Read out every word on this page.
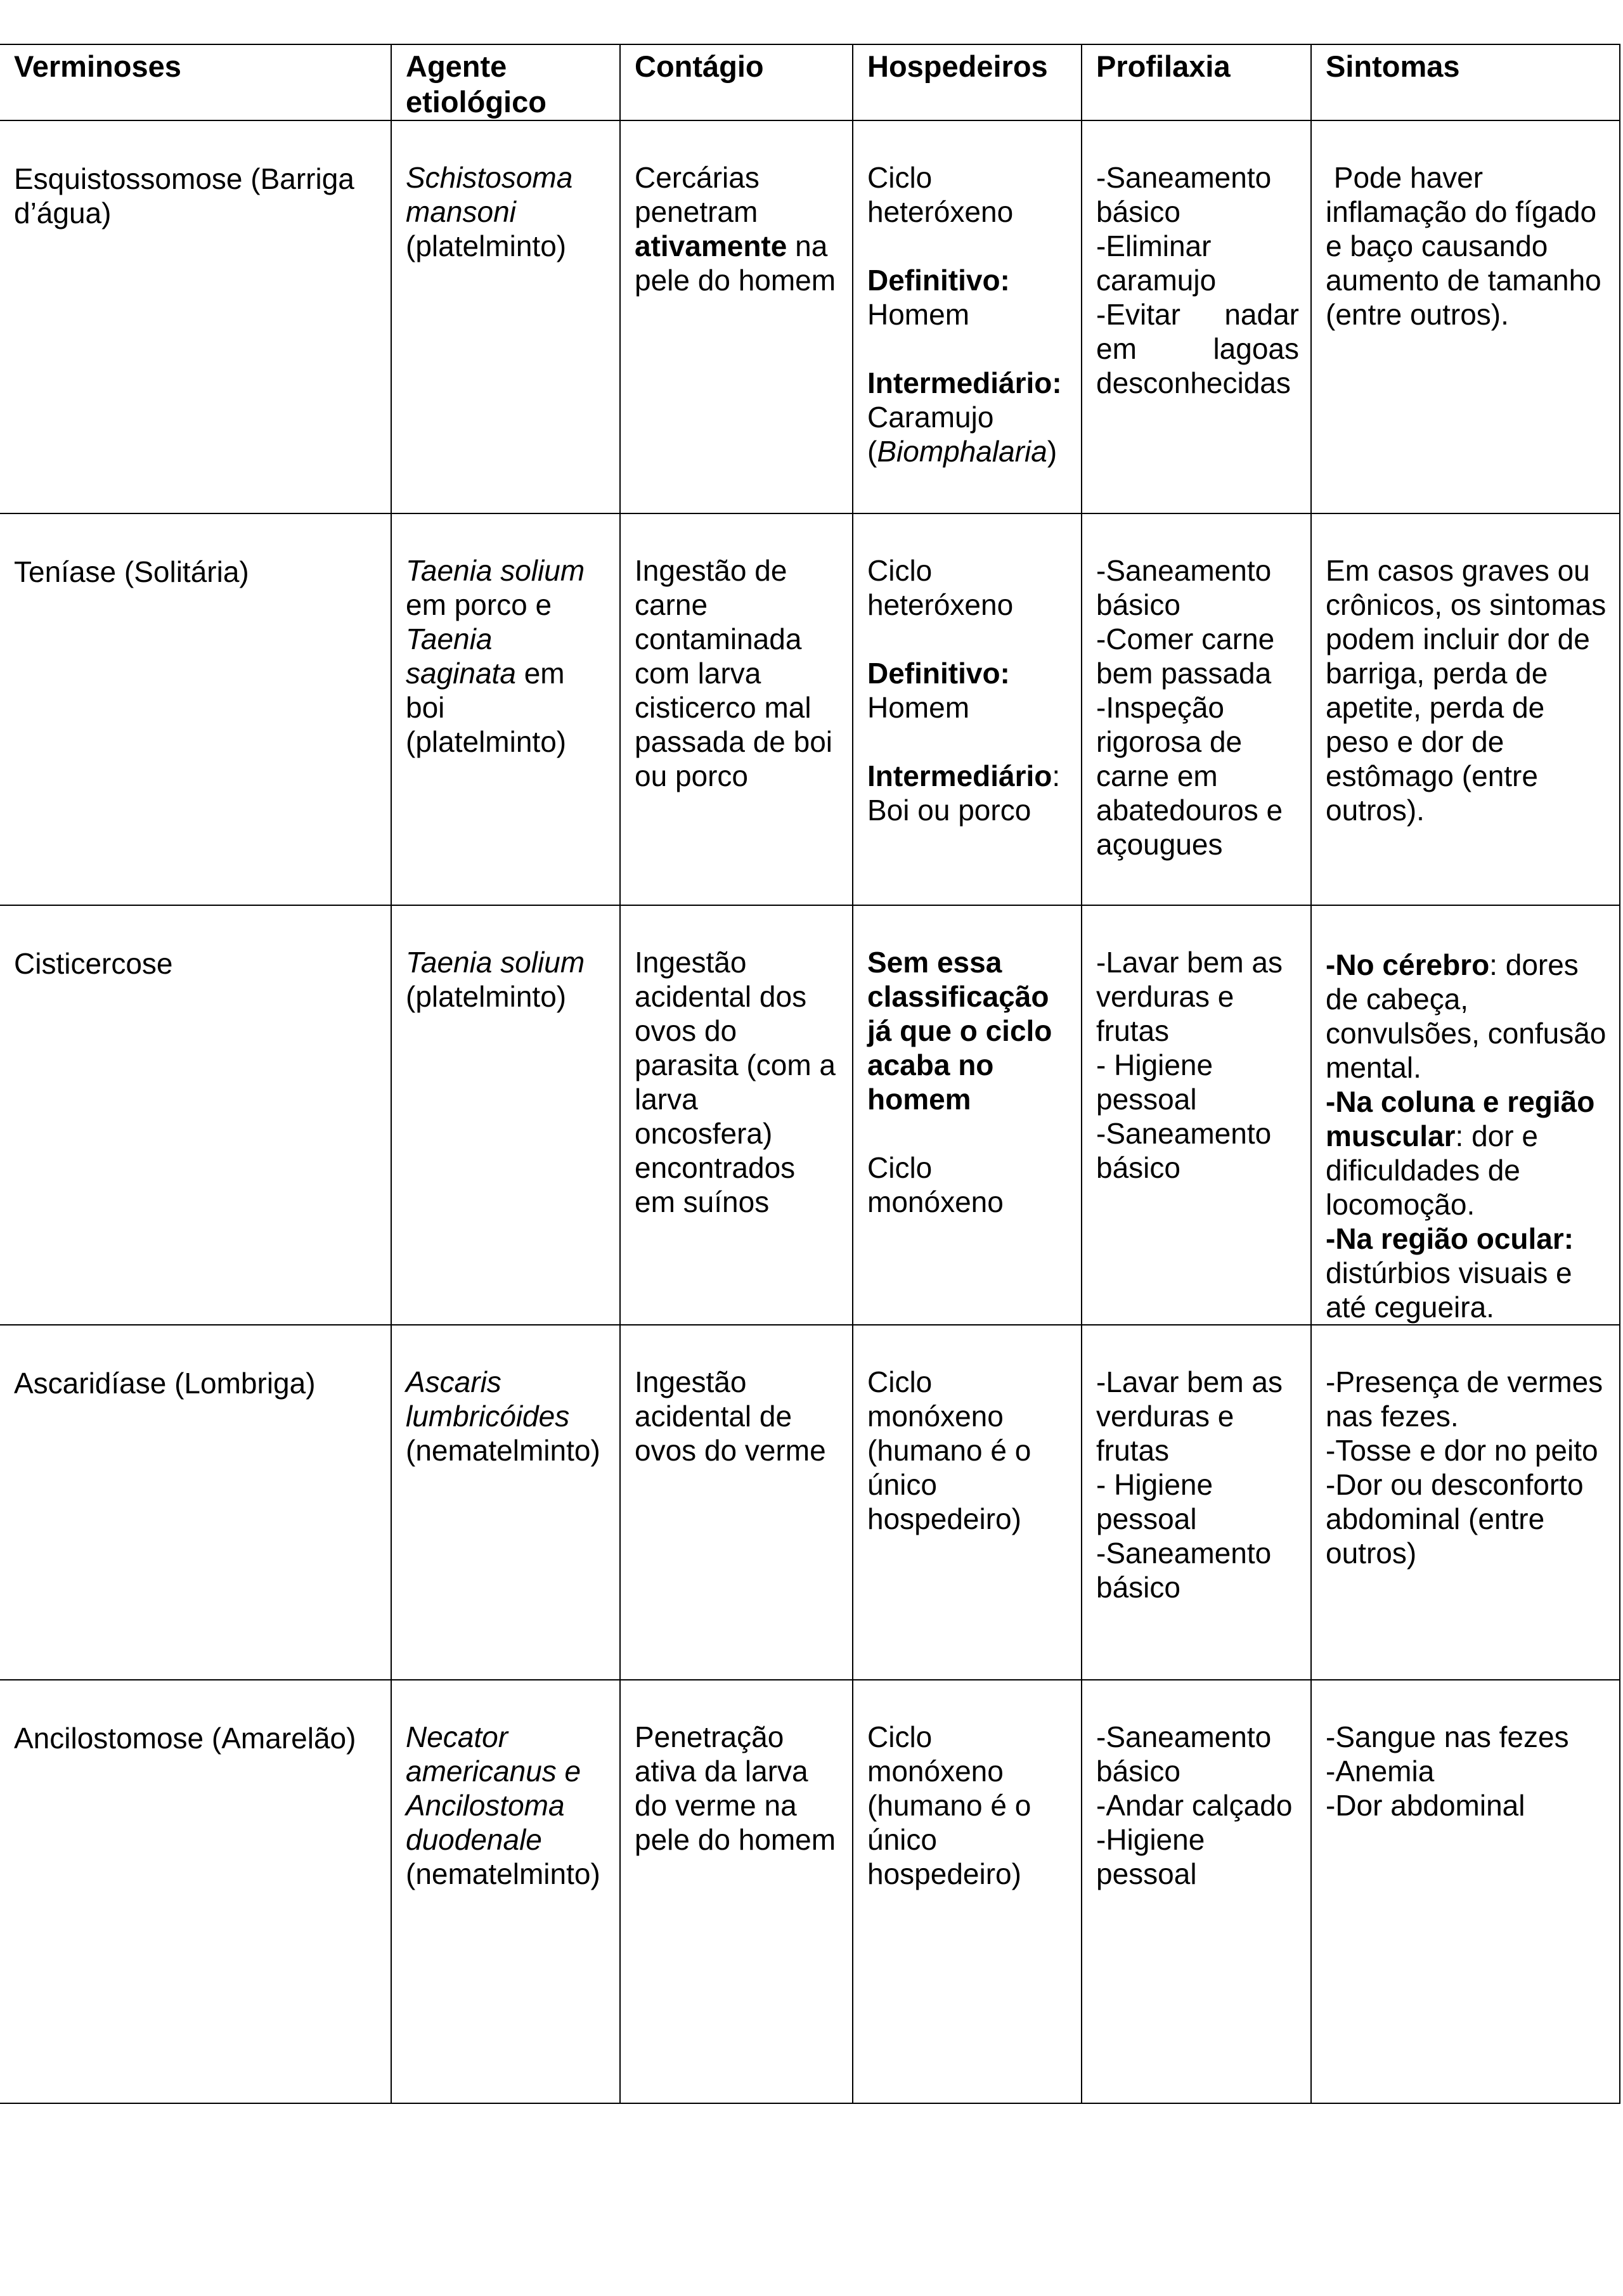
Verminoses	Agente etiológico	Contágio	Hospedeiros	Profilaxia	Sintomas
Esquistossomose (Barriga d’água)	Schistosoma mansoni (platelminto)	Cercárias penetram ativamente na pele do homem	Ciclo heteróxeno
Definitivo:
Homem
Intermediário:
Caramujo (Biomphalaria)	-Saneamento básico
-Eliminar caramujo
-Evitar nadar em lagoas
desconhecidas	Pode haver inflamação do fígado e baço causando aumento de tamanho (entre outros).
Teníase (Solitária)	Taenia solium em porco e Taenia saginata em boi (platelminto)	Ingestão de carne contaminada com larva cisticerco mal passada de boi ou porco	Ciclo heteróxeno
Definitivo:
Homem
Intermediário: Boi ou porco	-Saneamento básico
-Comer carne bem passada
-Inspeção rigorosa de carne em abatedouros e açougues	Em casos graves ou crônicos, os sintomas podem incluir dor de barriga, perda de apetite, perda de peso e dor de estômago (entre outros).
Cisticercose	Taenia solium (platelminto)	Ingestão acidental dos ovos do parasita (com a larva oncosfera) encontrados em suínos	Sem essa classificação já que o ciclo acaba no homem
Ciclo monóxeno	-Lavar bem as verduras e frutas
- Higiene pessoal
-Saneamento básico	-No cérebro: dores de cabeça, convulsões, confusão mental.
-Na coluna e região muscular: dor e dificuldades de locomoção.
-Na região ocular: distúrbios visuais e até cegueira.
Ascaridíase (Lombriga)	Ascaris lumbricóides (nematelminto)	Ingestão acidental de ovos do verme	Ciclo monóxeno (humano é o único hospedeiro)	-Lavar bem as verduras e frutas
- Higiene pessoal
-Saneamento básico	-Presença de vermes nas fezes.
-Tosse e dor no peito
-Dor ou desconforto abdominal (entre outros)

Ancilostomose (Amarelão)	Necator americanus e Ancilostoma duodenale (nematelminto)	Penetração ativa da larva do verme na pele do homem	Ciclo monóxeno (humano é o único hospedeiro)	-Saneamento básico
-Andar calçado
-Higiene pessoal	-Sangue nas fezes
-Anemia
-Dor abdominal
